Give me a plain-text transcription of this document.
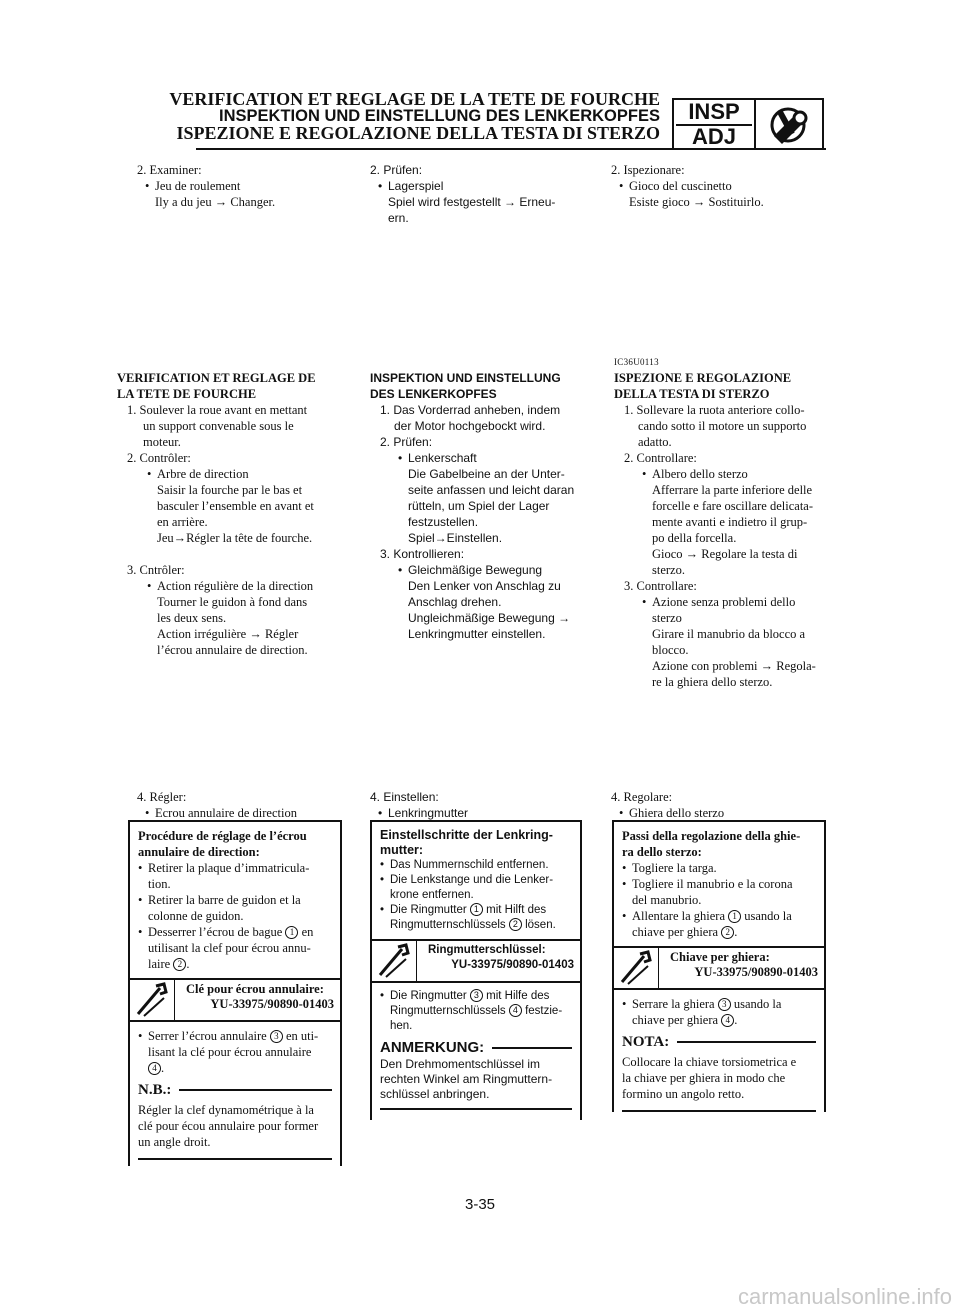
VERIFICATION ET REGLAGE DE LA TETE DE FOURCHE
INSPEKTION UND EINSTELLUNG DES LENKERKOPFES
ISPEZIONE E REGOLAZIONE DELLA TESTA DI STERZO
INSP
ADJ

2. Examiner:

• Jeu de roulement

Ily a du jeu → Changer.

VERIFICATION ET REGLAGE DE

LA TETE DE FOURCHE

1. Soulever la roue avant en mettant

un support convenable sous le

moteur.

2. Contrôler:

• Arbre de direction

Saisir la fourche par le bas et

basculer l’ensemble en avant et

en arrière.

Jeu→Régler la tête de fourche.

3. Cntrôler:

• Action régulière de la direction

Tourner le guidon à fond dans

les deux sens.

Action irrégulière → Régler

l’écrou annulaire de direction.

4. Régler:

• Ecrou annulaire de direction

Procédure de réglage de l’écrou

annulaire de direction:

• Retirer la plaque d’immatricula-

tion.

• Retirer la barre de guidon et la

colonne de guidon.

• Desserrer l’écrou de bague 1 en

utilisant la clef pour écrou annu-

laire 2 .

Clé pour écrou annulaire:
YU-33975/90890-01403

• Serrer l’écrou annulaire 3 en uti-

lisant la clé pour écrou annulaire

4 .

N.B.:

Régler la clef dynamométrique à la

clé pour écou annulaire pour former

un angle droit.

2. Prüfen:

• Lagerspiel

Spiel wird festgestellt → Erneu-

ern.

INSPEKTION UND EINSTELLUNG

DES LENKERKOPFES

1. Das Vorderrad anheben, indem

der Motor hochgebockt wird.

2. Prüfen:

• Lenkerschaft

Die Gabelbeine an der Unter-

seite anfassen und leicht daran

rütteln, um Spiel der Lager

festzustellen.

Spiel→Einstellen.

3. Kontrollieren:

• Gleichmäßige Bewegung

Den Lenker von Anschlag zu

Anschlag drehen.

Ungleichmäßige Bewegung →

Lenkringmutter einstellen.

4. Einstellen:

• Lenkringmutter

Einstellschritte der Lenkring-

mutter:

• Das Nummernschild entfernen.

• Die Lenkstange und die Lenker-

krone entfernen.

• Die Ringmutter 1 mit Hilft des

Ringmutternschlüssels 2 lösen.

Ringmutterschlüssel:
YU-33975/90890-01403

• Die Ringmutter 3 mit Hilfe des

Ringmutternschlüssels 4 festzie-

hen.

ANMERKUNG:

Den Drehmomentschlüssel im

rechten Winkel am Ringmuttern-

schlüssel anbringen.

2. Ispezionare:

• Gioco del cuscinetto

Esiste gioco → Sostituirlo.

IC36U0113

ISPEZIONE E REGOLAZIONE

DELLA TESTA DI STERZO

1. Sollevare la ruota anteriore collo-

cando sotto il motore un supporto

adatto.

2. Controllare:

• Albero dello sterzo

Afferrare la parte inferiore delle

forcelle e fare oscillare delicata-

mente avanti e indietro il grup-

po della forcella.

Gioco → Regolare la testa di

sterzo.

3. Controllare:

• Azione senza problemi dello

sterzo

Girare il manubrio da blocco a

blocco.

Azione con problemi → Regola-

re la ghiera dello sterzo.

4. Regolare:

• Ghiera dello sterzo

Passi della regolazione della ghie-

ra dello sterzo:

• Togliere la targa.

• Togliere il manubrio e la corona

del manubrio.

• Allentare la ghiera 1 usando la

chiave per ghiera 2 .

Chiave per ghiera:
YU-33975/90890-01403

• Serrare la ghiera 3 usando la

chiave per ghiera 4 .

NOTA:

Collocare la chiave torsiometrica e

la chiave per ghiera in modo che

formino un angolo retto.

3-35
carmanualsonline.info
